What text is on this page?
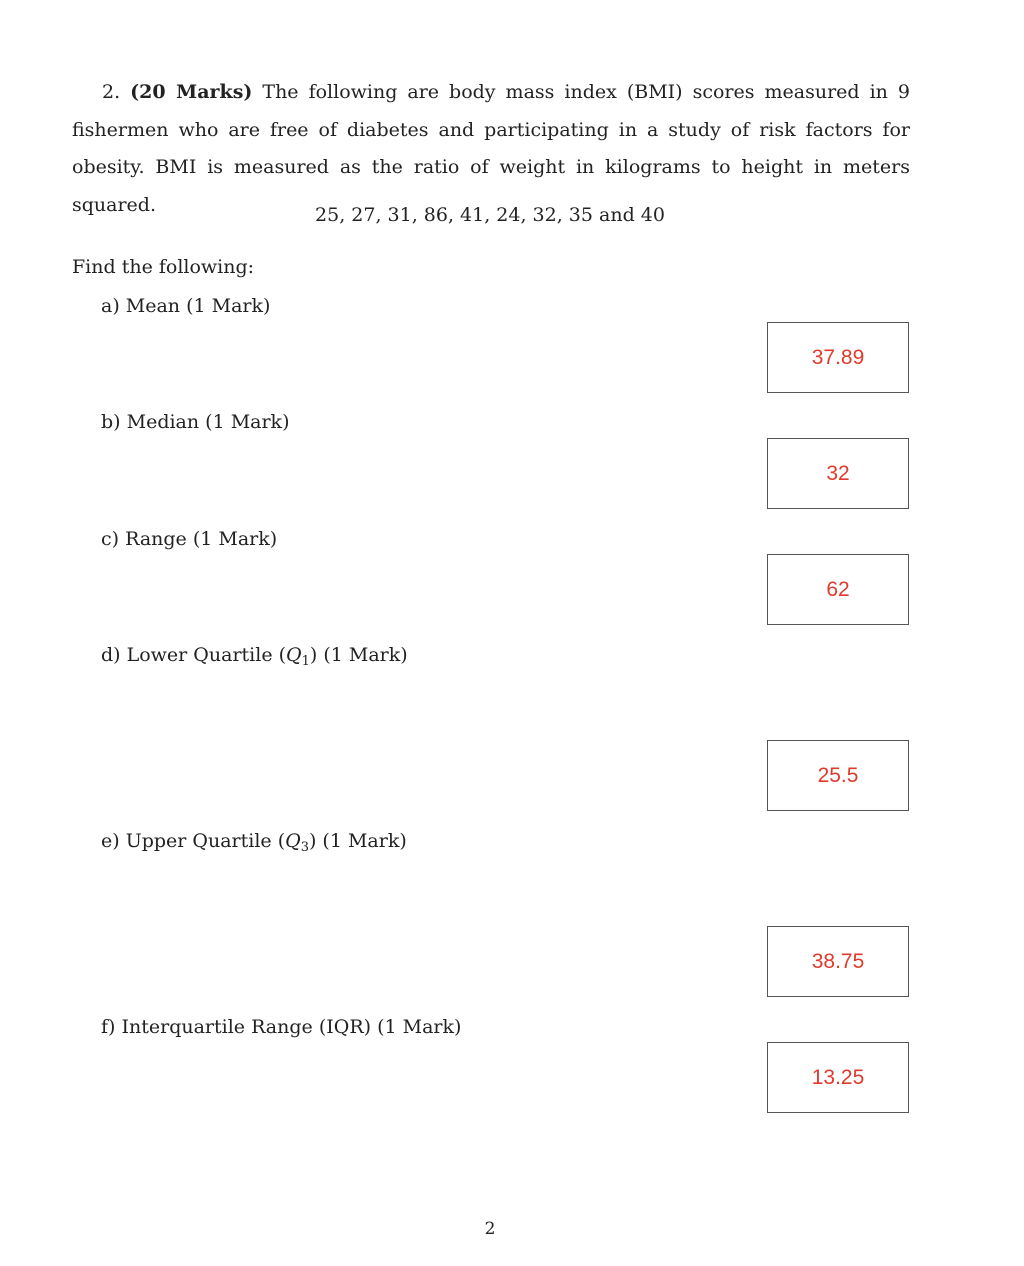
2. (20 Marks) The following are body mass index (BMI) scores measured in 9 fishermen who are free of diabetes and participating in a study of risk factors for obesity. BMI is measured as the ratio of weight in kilograms to height in meters squared.	25, 27, 31, 86, 41, 24, 32, 35 and 40
Find the following:
a) Mean (1 Mark)
37.89
b) Median (1 Mark)
32
c) Range (1 Mark)
62
d) Lower Quartile $(Q_1)$ (1 Mark)
25.5
e) Upper Quartile $(Q_3)$ (1 Mark)
38.75
f) Interquartile Range (IQR) (1 Mark)
13.25
2
